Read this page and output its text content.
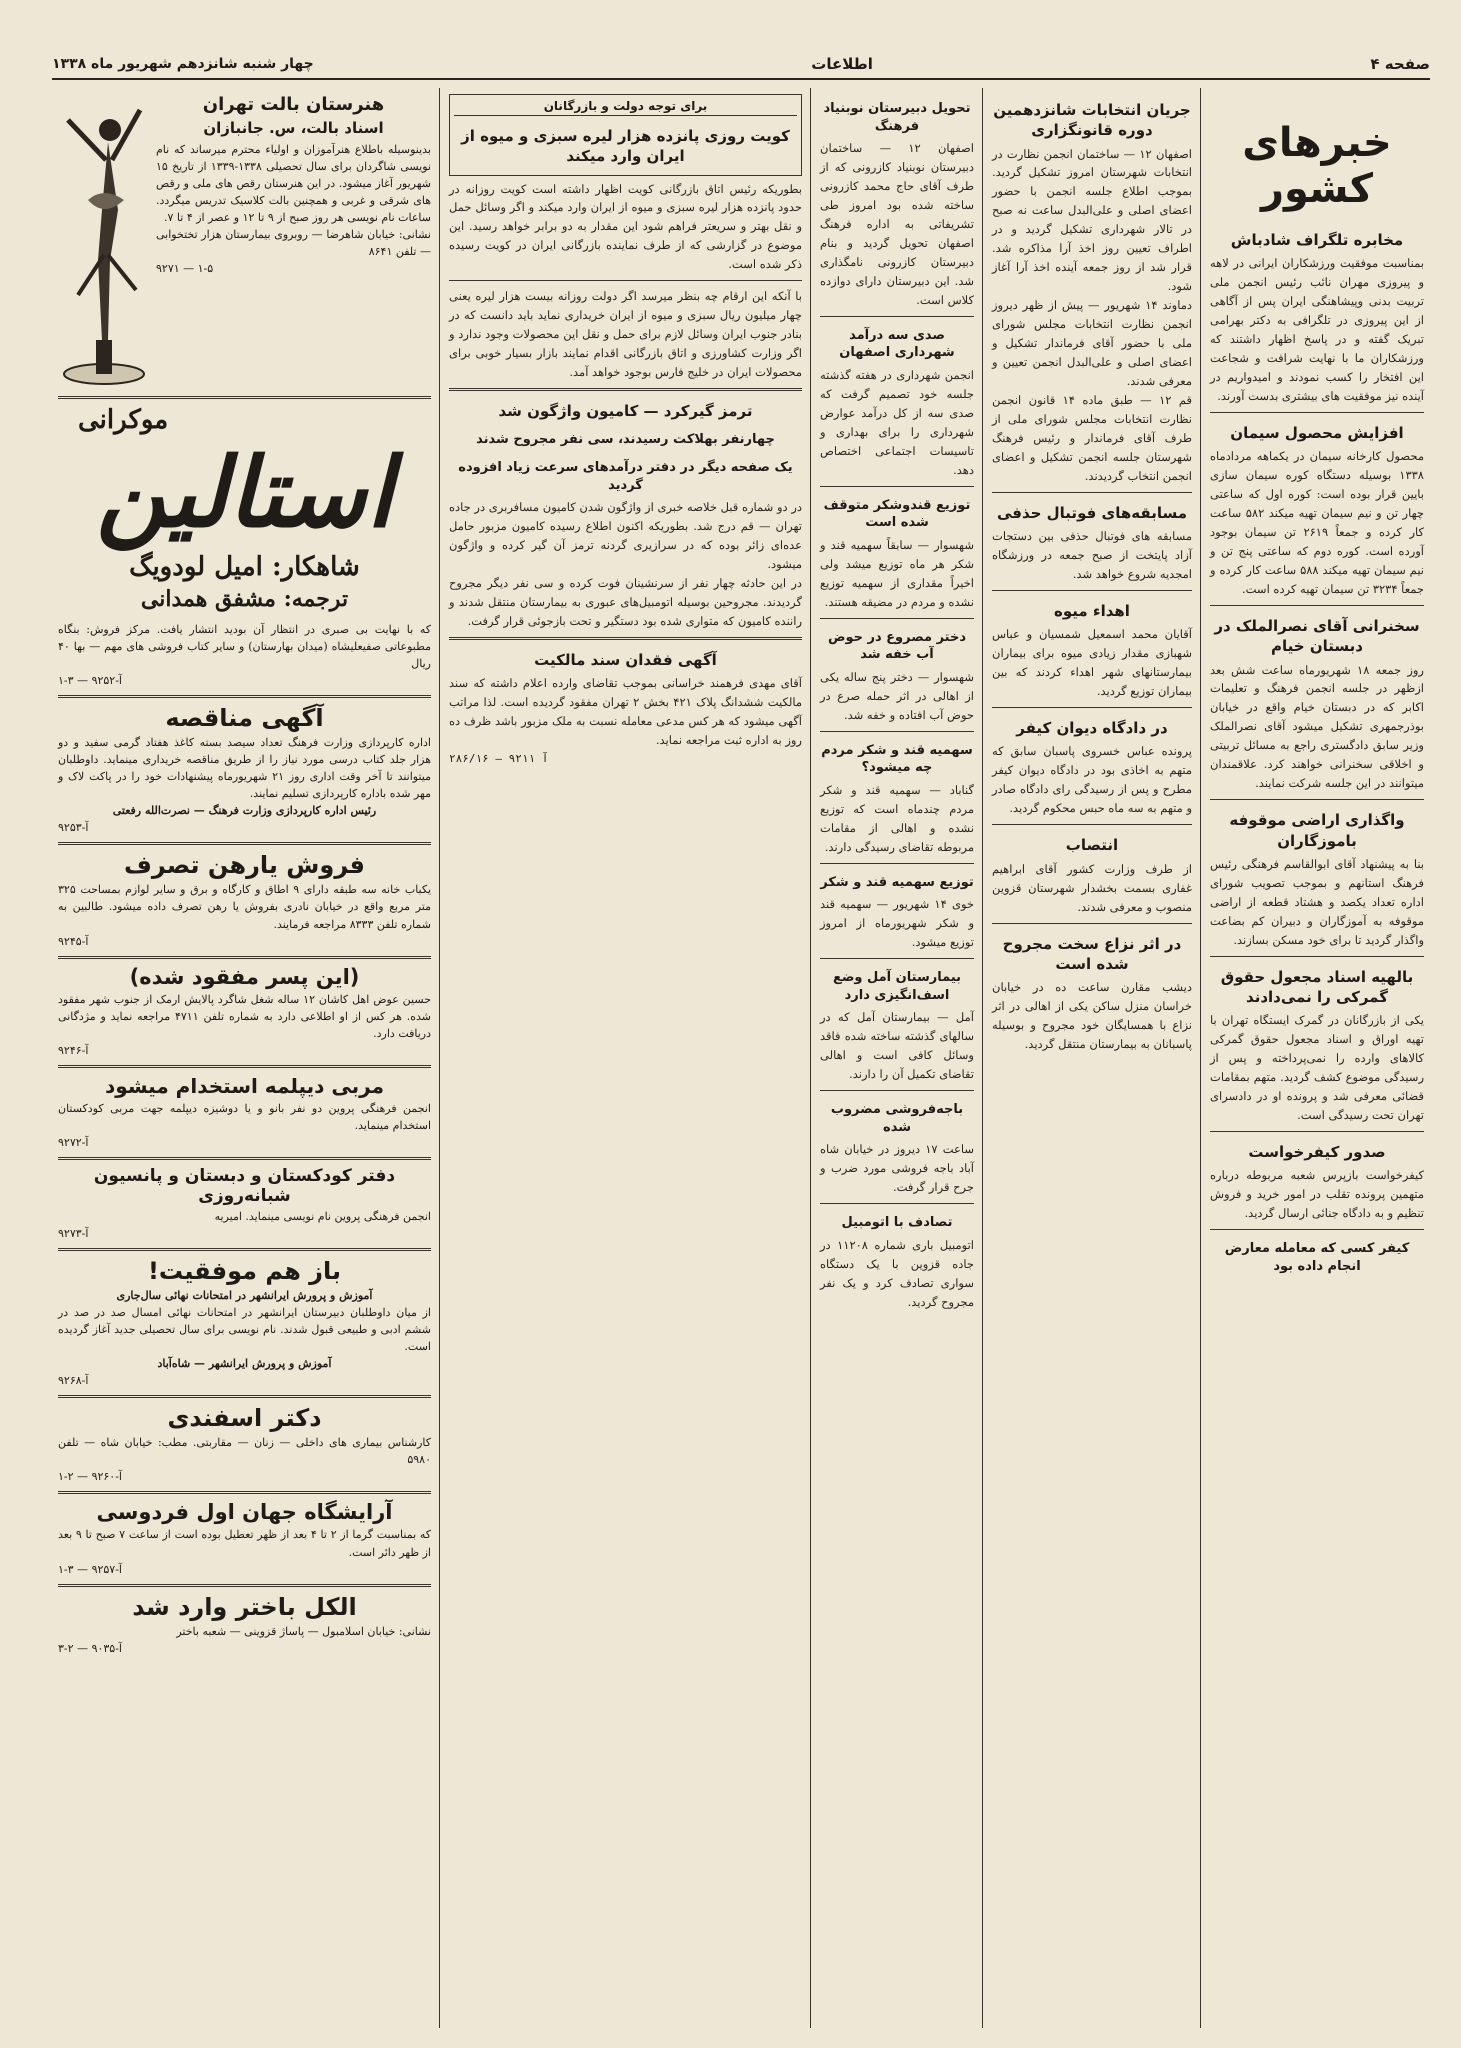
صفحه ۴
اطلاعات
چهار شنبه شانزدهم شهریور ماه ۱۳۳۸
خبرهای کشور
مخابره تلگراف شادباش

بمناسبت موفقیت ورزشکاران ایرانی در لاهه و پیروزی مهران نائب رئیس انجمن ملی تربیت بدنی وپیشاهنگی ایران پس از آگاهی از این پیروزی در تلگرافی به دکتر بهرامی تبریک گفته و در پاسخ اظهار داشتند که ورزشکاران ما با نهایت شرافت و شجاعت این افتخار را کسب نمودند و امیدواریم در آینده نیز موفقیت های بیشتری بدست آورند.

افزایش محصول سیمان

محصول کارخانه سیمان در یکماهه مردادماه ۱۳۳۸ بوسیله دستگاه کوره سیمان سازی بایین قرار بوده است: کوره اول که ساعتی چهار تن و نیم سیمان تهیه میکند ۵۸۲ ساعت کار کرده و جمعاً ۲۶۱۹ تن سیمان بوجود آورده است. کوره دوم که ساعتی پنج تن و نیم سیمان تهیه میکند ۵۸۸ ساعت کار کرده و جمعاً ۳۲۳۴ تن سیمان تهیه کرده است.

سخنرانی آقای نصرالملک در دبستان خیام

روز جمعه ۱۸ شهریورماه ساعت شش بعد ازظهر در جلسه انجمن فرهنگ و تعلیمات اکابر که در دبستان خیام واقع در خیابان بوذرجمهری تشکیل میشود آقای نصرالملک وزیر سابق دادگستری راجع به مسائل تربیتی و اخلاقی سخنرانی خواهند کرد. علاقمندان میتوانند در این جلسه شرکت نمایند.

واگذاری اراضی موقوفه باموزگاران

بنا به پیشنهاد آقای ابوالقاسم فرهنگی رئیس فرهنگ استانهم و بموجب تصویب شورای اداره تعداد یکصد و هشتاد قطعه از اراضی موقوفه به آموزگاران و دبیران کم بضاعت واگذار گردید تا برای خود مسکن بسازند.

بالهیه اسناد مجعول حقوق گمرکی را نمی‌دادند

یکی از بازرگانان در گمرک ایستگاه تهران با تهیه اوراق و اسناد مجعول حقوق گمرکی کالاهای وارده را نمی‌پرداخته و پس از رسیدگی موضوع کشف گردید. متهم بمقامات قضائی معرفی شد و پرونده او در دادسرای تهران تحت رسیدگی است.

صدور کیفرخواست

کیفرخواست بازپرس شعبه مربوطه درباره متهمین پرونده تقلب در امور خرید و فروش تنظیم و به دادگاه جنائی ارسال گردید.

کیفر کسی که معامله معارض انجام داده بود
جریان انتخابات شانزدهمین دوره قانونگزاری

اصفهان ۱۲ — ساختمان انجمن نظارت در انتخابات شهرستان امروز تشکیل گردید. بموجب اطلاع جلسه انجمن با حضور اعضای اصلی و علی‌البدل ساعت نه صبح در تالار شهرداری تشکیل گردید و در اطراف تعیین روز اخذ آرا مذاکره شد. قرار شد از روز جمعه آینده اخذ آرا آغاز شود.

دماوند ۱۴ شهریور — پیش از ظهر دیروز انجمن نظارت انتخابات مجلس شورای ملی با حضور آقای فرماندار تشکیل و اعضای اصلی و علی‌البدل انجمن تعیین و معرفی شدند.

قم ۱۲ — طبق ماده ۱۴ قانون انجمن نظارت انتخابات مجلس شورای ملی از طرف آقای فرماندار و رئیس فرهنگ شهرستان جلسه انجمن تشکیل و اعضای انجمن انتخاب گردیدند.

مسابقه‌های فوتبال حذفی

مسابقه های فوتبال حذفی بین دستجات آزاد پایتخت از صبح جمعه در ورزشگاه امجدیه شروع خواهد شد.

اهداء میوه

آقایان محمد اسمعیل شمسیان و عباس شهبازی مقدار زیادی میوه برای بیماران بیمارستانهای شهر اهداء کردند که بین بیماران توزیع گردید.

در دادگاه دیوان کیفر

پرونده عباس خسروی پاسبان سابق که متهم به اخاذی بود در دادگاه دیوان کیفر مطرح و پس از رسیدگی رای دادگاه صادر و متهم به سه ماه حبس محکوم گردید.

انتصاب

از طرف وزارت کشور آقای ابراهیم غفاری بسمت بخشدار شهرستان قزوین منصوب و معرفی شدند.

در اثر نزاع سخت مجروح شده است

دیشب مقارن ساعت ده در خیابان خراسان منزل ساکن یکی از اهالی در اثر نزاع با همسایگان خود مجروح و بوسیله پاسبانان به بیمارستان منتقل گردید.

تحویل دبیرستان نوبنیاد فرهنگ

اصفهان ۱۲ — ساختمان دبیرستان نوبنیاد کازرونی که از طرف آقای حاج محمد کازرونی ساخته شده بود امروز طی تشریفاتی به اداره فرهنگ اصفهان تحویل گردید و بنام دبیرستان کازرونی نامگذاری شد. این دبیرستان دارای دوازده کلاس است.

صدی سه درآمد شهرداری اصفهان

انجمن شهرداری در هفته گذشته جلسه خود تصمیم گرفت که صدی سه از کل درآمد عوارض شهرداری را برای بهداری و تاسیسات اجتماعی اختصاص دهد.

توزیع قندوشکر متوقف شده است

شهسوار — سابقاً سهمیه قند و شکر هر ماه توزیع میشد ولی اخیراً مقداری از سهمیه توزیع نشده و مردم در مضیقه هستند.

دختر مصروع در حوض آب خفه شد

شهسوار — دختر پنج ساله یکی از اهالی در اثر حمله صرع در حوض آب افتاده و خفه شد.

سهمیه قند و شکر مردم چه میشود؟

گناباد — سهمیه قند و شکر مردم چندماه است که توزیع نشده و اهالی از مقامات مربوطه تقاضای رسیدگی دارند.

توزیع سهمیه قند و شکر

خوی ۱۴ شهریور — سهمیه قند و شکر شهریورماه از امروز توزیع میشود.

بیمارستان آمل وضع اسف‌انگیزی دارد

آمل — بیمارستان آمل که در سالهای گذشته ساخته شده فاقد وسائل کافی است و اهالی تقاضای تکمیل آن را دارند.

باجه‌فروشی مضروب شده

ساعت ۱۷ دیروز در خیابان شاه آباد باجه فروشی مورد ضرب و جرح قرار گرفت.

تصادف با اتومبیل

اتومبیل باری شماره ۱۱۲۰۸ در جاده قزوین با یک دستگاه سواری تصادف کرد و یک نفر مجروح گردید.

برای توجه دولت و بازرگانان
کویت روزی پانزده هزار لیره سبزی و میوه از ایران وارد میکند

بطوریکه رئیس اتاق بازرگانی کویت اظهار داشته است کویت روزانه در حدود پانزده هزار لیره سبزی و میوه از ایران وارد میکند و اگر وسائل حمل و نقل بهتر و سریعتر فراهم شود این مقدار به دو برابر خواهد رسید. این موضوع در گزارشی که از طرف نماینده بازرگانی ایران در کویت رسیده ذکر شده است.

با آنکه این ارقام چه بنظر میرسد اگر دولت روزانه بیست هزار لیره یعنی چهار میلیون ریال سبزی و میوه از ایران خریداری نماید باید دانست که در بنادر جنوب ایران وسائل لازم برای حمل و نقل این محصولات وجود ندارد و اگر وزارت کشاورزی و اتاق بازرگانی اقدام نمایند بازار بسیار خوبی برای محصولات ایران در خلیج فارس بوجود خواهد آمد.

ترمز گیرکرد — کامیون واژگون شد
چهارنفر بهلاکت رسیدند، سی نفر مجروح شدند
یک صفحه دیگر در دفتر درآمدهای سرعت زیاد افزوده گردید

در دو شماره قبل خلاصه خبری از واژگون شدن کامیون مسافربری در جاده تهران — قم درج شد. بطوریکه اکنون اطلاع رسیده کامیون مزبور حامل عده‌ای زائر بوده که در سرازیری گردنه ترمز آن گیر کرده و واژگون میشود.

در این حادثه چهار نفر از سرنشینان فوت کرده و سی نفر دیگر مجروح گردیدند. مجروحین بوسیله اتومبیل‌های عبوری به بیمارستان منتقل شدند و راننده کامیون که متواری شده بود دستگیر و تحت بازجوئی قرار گرفت.

آگهی فقدان سند مالکیت

آقای مهدی فرهمند خراسانی بموجب تقاضای وارده اعلام داشته که سند مالکیت ششدانگ پلاک ۴۲۱ بخش ۲ تهران مفقود گردیده است. لذا مراتب آگهی میشود که هر کس مدعی معامله نسبت به ملک مزبور باشد ظرف ده روز به اداره ثبت مراجعه نماید.

۲۸۶/۱۶ — آ ۹۲۱۱
هنرستان بالت تهران
اسناد بالت، س. جانبازان
بدینوسیله باطلاع هنرآموزان و اولیاء محترم میرساند که نام نویسی شاگردان برای سال تحصیلی ۱۳۳۸-۱۳۳۹ از تاریخ ۱۵ شهریور آغاز میشود. در این هنرستان رقص های ملی و رقص های شرقی و غربی و همچنین بالت کلاسیک تدریس میگردد. ساعات نام نویسی هر روز صبح از ۹ تا ۱۲ و عصر از ۴ تا ۷.
نشانی: خیابان شاهرضا — روبروی بیمارستان هزار تختخوابی — تلفن ۸۶۴۱
۱-۵ — ۹۲۷۱
موکرانی
استالین
شاهکار: امیل لودویگ
ترجمه: مشفق همدانی
که با نهایت بی صبری در انتظار آن بودید انتشار یافت. مرکز فروش: بنگاه مطبوعاتی صفیعلیشاه (میدان بهارستان) و سایر کتاب فروشی های مهم — بها ۴۰ ریال
آ-۹۲۵۲ — ۳-۱
آگهی مناقصه
اداره کارپردازی وزارت فرهنگ تعداد سیصد بسته کاغذ هفتاد گرمی سفید و دو هزار جلد کتاب درسی مورد نیاز را از طریق مناقصه خریداری مینماید. داوطلبان میتوانند تا آخر وقت اداری روز ۲۱ شهریورماه پیشنهادات خود را در پاکت لاک و مهر شده باداره کارپردازی تسلیم نمایند.
رئیس اداره کارپردازی وزارت فرهنگ — نصرت‌الله رفعتی
آ-۹۲۵۳
فروش یارهن تصرف
یکباب خانه سه طبقه دارای ۹ اطاق و کارگاه و برق و سایر لوازم بمساحت ۳۲۵ متر مربع واقع در خیابان نادری بفروش یا رهن تصرف داده میشود. طالبین به شماره تلفن ۸۳۳۳ مراجعه فرمایند.
آ-۹۲۴۵
(این پسر مفقود شده)
حسین عوض اهل کاشان ۱۲ ساله شغل شاگرد پالایش ارمک از جنوب شهر مفقود شده. هر کس از او اطلاعی دارد به شماره تلفن ۴۷۱۱ مراجعه نماید و مژدگانی دریافت دارد.
آ-۹۲۴۶
مربی دیپلمه استخدام میشود
انجمن فرهنگی پروین دو نفر بانو و یا دوشیزه دیپلمه جهت مربی کودکستان استخدام مینماید.
آ-۹۲۷۲
دفتر کودکستان و دبستان و پانسیون شبانه‌روزی
انجمن فرهنگی پروین نام نویسی مینماید. امیریه
آ-۹۲۷۳
باز هم موفقیت!
آموزش و پرورش ایرانشهر در امتحانات نهائی سال‌جاری
از میان داوطلبان دبیرستان ایرانشهر در امتحانات نهائی امسال صد در صد در ششم ادبی و طبیعی قبول شدند. نام نویسی برای سال تحصیلی جدید آغاز گردیده است.
آموزش و پرورش ایرانشهر — شاه‌آباد
آ-۹۲۶۸
دکتر اسفندی
کارشناس بیماری های داخلی — زنان — مقاربتی. مطب: خیابان شاه — تلفن ۵۹۸۰
آ-۹۲۶۰ — ۲-۱
آرایشگاه جهان اول فردوسی
که بمناسبت گرما از ۲ تا ۴ بعد از ظهر تعطیل بوده است از ساعت ۷ صبح تا ۹ بعد از ظهر دائر است.
آ-۹۲۵۷ — ۳-۱
الکل باختر وارد شد
نشانی: خیابان اسلامبول — پاساژ قزوینی — شعبه باختر
آ-۹۰۳۵ — ۲-۳
